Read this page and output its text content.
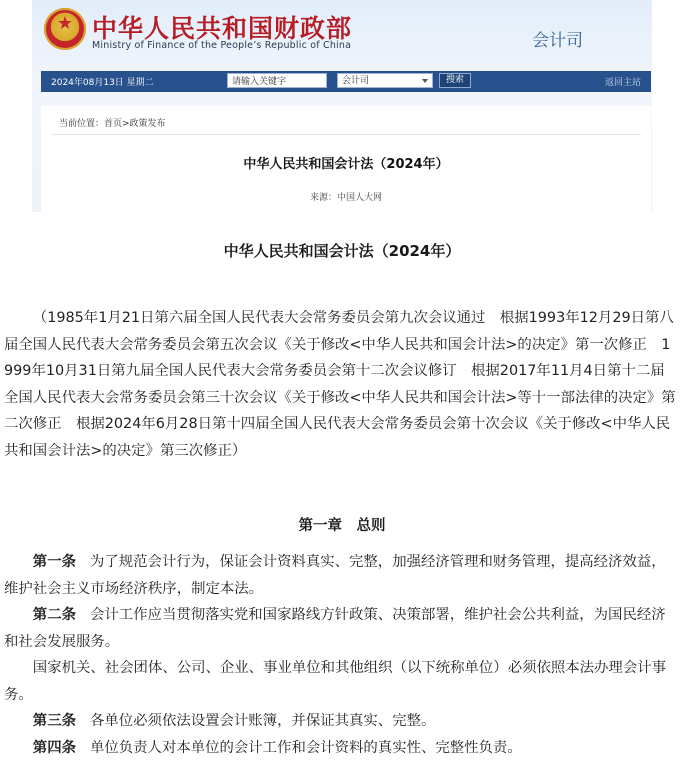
★
中华人民共和国财政部
Ministry of Finance of the People’s Republic of China	会计司
2024年08月13日 星期二
请输入关键字	会计司	搜索	返回主站
当前位置：首页>政策发布
中华人民共和国会计法（2024年）
来源：中国人大网
中华人民共和国会计法（2024年）

（1985年1月21日第六届全国人民代表大会常务委员会第九次会议通过　根据1993年12月29日第八届全国人民代表大会常务委员会第五次会议《关于修改<中华人民共和国会计法>的决定》第一次修正　1999年10月31日第九届全国人民代表大会常务委员会第十二次会议修订　根据2017年11月4日第十二届全国人民代表大会常务委员会第三十次会议《关于修改<中华人民共和国会计法>等十一部法律的决定》第二次修正　根据2024年6月28日第十四届全国人民代表大会常务委员会第十次会议《关于修改<中华人民共和国会计法>的决定》第三次修正）

第一章　总则

第一条 为了规范会计行为，保证会计资料真实、完整，加强经济管理和财务管理，提高经济效益，维护社会主义市场经济秩序，制定本法。

第二条 会计工作应当贯彻落实党和国家路线方针政策、决策部署，维护社会公共利益，为国民经济和社会发展服务。

国家机关、社会团体、公司、企业、事业单位和其他组织（以下统称单位）必须依照本法办理会计事务。

第三条 各单位必须依法设置会计账簿，并保证其真实、完整。

第四条 单位负责人对本单位的会计工作和会计资料的真实性、完整性负责。
